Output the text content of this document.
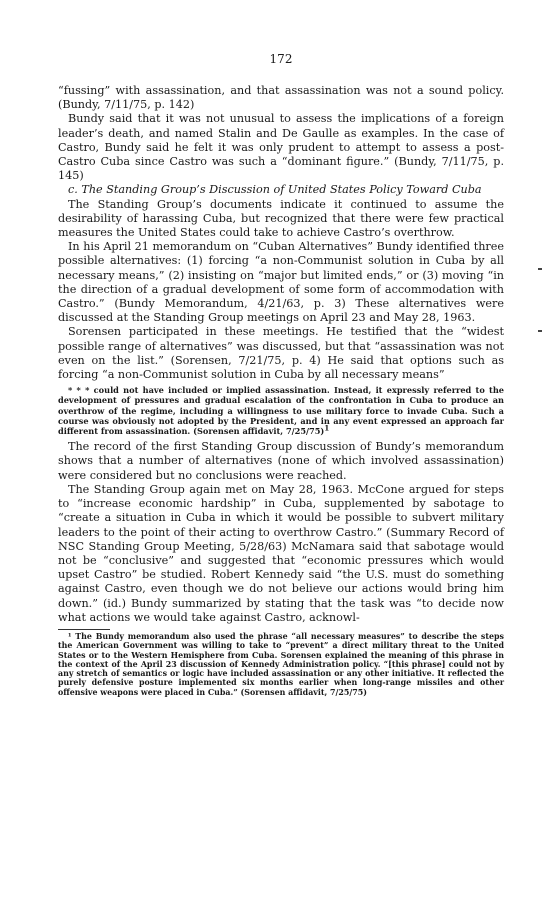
172

“fussing” with assassination, and that assassination was not a sound policy. (Bundy, 7/11/75, p. 142)

Bundy said that it was not unusual to assess the implications of a foreign leader’s death, and named Stalin and De Gaulle as examples. In the case of Castro, Bundy said he felt it was only prudent to attempt to assess a post-Castro Cuba since Castro was such a “dominant figure.” (Bundy, 7/11/75, p. 145)

c. The Standing Group’s Discussion of United States Policy Toward Cuba

The Standing Group’s documents indicate it continued to assume the desirability of harassing Cuba, but recognized that there were few practical measures the United States could take to achieve Castro’s overthrow.

In his April 21 memorandum on “Cuban Alternatives” Bundy identified three possible alternatives: (1) forcing “a non-Communist solution in Cuba by all necessary means,” (2) insisting on “major but limited ends,” or (3) moving “in the direction of a gradual development of some form of accommodation with Castro.” (Bundy Memorandum, 4/21/63, p. 3) These alternatives were discussed at the Standing Group meetings on April 23 and May 28, 1963.

Sorensen participated in these meetings. He testified that the “widest possible range of alternatives” was discussed, but that “assassination was not even on the list.” (Sorensen, 7/21/75, p. 4) He said that options such as forcing “a non-Communist solution in Cuba by all necessary means”

* * * could not have included or implied assassination. Instead, it expressly referred to the development of pressures and gradual escalation of the confrontation in Cuba to produce an overthrow of the regime, including a willingness to use military force to invade Cuba. Such a course was obviously not adopted by the President, and in any event expressed an approach far different from assassination. (Sorensen affidavit, 7/25/75)1

The record of the first Standing Group discussion of Bundy’s memorandum shows that a number of alternatives (none of which involved assassination) were considered but no conclusions were reached.

The Standing Group again met on May 28, 1963. McCone argued for steps to “increase economic hardship” in Cuba, supplemented by sabotage to “create a situation in Cuba in which it would be possible to subvert military leaders to the point of their acting to overthrow Castro.” (Summary Record of NSC Standing Group Meeting, 5/28/63) McNamara said that sabotage would not be “conclusive” and suggested that “economic pressures which would upset Castro” be studied. Robert Kennedy said “the U.S. must do something against Castro, even though we do not believe our actions would bring him down.” (id.) Bundy summarized by stating that the task was “to decide now what actions we would take against Castro, acknowl-

¹ The Bundy memorandum also used the phrase “all necessary measures” to describe the steps the American Government was willing to take to “prevent” a direct military threat to the United States or to the Western Hemisphere from Cuba. Sorensen explained the meaning of this phrase in the context of the April 23 discussion of Kennedy Administration policy. “[this phrase] could not by any stretch of semantics or logic have included assassination or any other initiative. It reflected the purely defensive posture implemented six months earlier when long-range missiles and other offensive weapons were placed in Cuba.” (Sorensen affidavit, 7/25/75)
